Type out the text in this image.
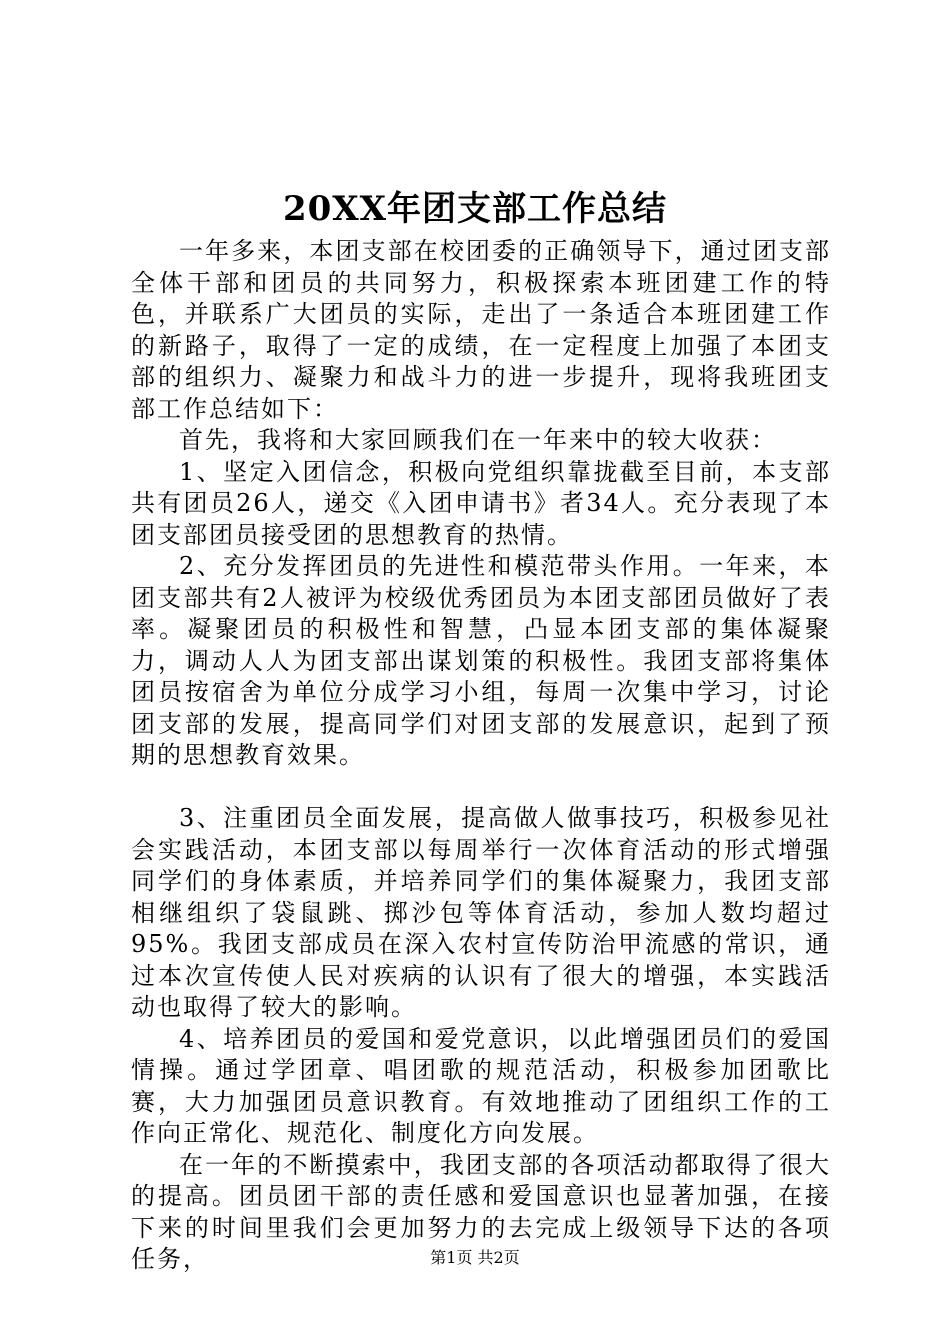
20XX年团支部工作总结

一年多来，本团支部在校团委的正确领导下，通过团支部全体干部和团员的共同努力，积极探索本班团建工作的特色，并联系广大团员的实际，走出了一条适合本班团建工作的新路子，取得了一定的成绩，在一定程度上加强了本团支部的组织力、凝聚力和战斗力的进一步提升，现将我班团支部工作总结如下：

首先，我将和大家回顾我们在一年来中的较大收获：

1、坚定入团信念，积极向党组织靠拢截至目前，本支部共有团员26人，递交《入团申请书》者34人。充分表现了本团支部团员接受团的思想教育的热情。

2、充分发挥团员的先进性和模范带头作用。一年来，本团支部共有2人被评为校级优秀团员为本团支部团员做好了表率。凝聚团员的积极性和智慧，凸显本团支部的集体凝聚力，调动人人为团支部出谋划策的积极性。我团支部将集体团员按宿舍为单位分成学习小组，每周一次集中学习，讨论团支部的发展，提高同学们对团支部的发展意识，起到了预期的思想教育效果。

3、注重团员全面发展，提高做人做事技巧，积极参见社会实践活动，本团支部以每周举行一次体育活动的形式增强同学们的身体素质，并培养同学们的集体凝聚力，我团支部相继组织了袋鼠跳、掷沙包等体育活动，参加人数均超过95%。我团支部成员在深入农村宣传防治甲流感的常识，通过本次宣传使人民对疾病的认识有了很大的增强，本实践活动也取得了较大的影响。

4、培养团员的爱国和爱党意识，以此增强团员们的爱国情操。通过学团章、唱团歌的规范活动，积极参加团歌比赛，大力加强团员意识教育。有效地推动了团组织工作的工作向正常化、规范化、制度化方向发展。

在一年的不断摸索中，我团支部的各项活动都取得了很大的提高。团员团干部的责任感和爱国意识也显著加强，在接下来的时间里我们会更加努力的去完成上级领导下达的各项任务，	第1页 共2页
